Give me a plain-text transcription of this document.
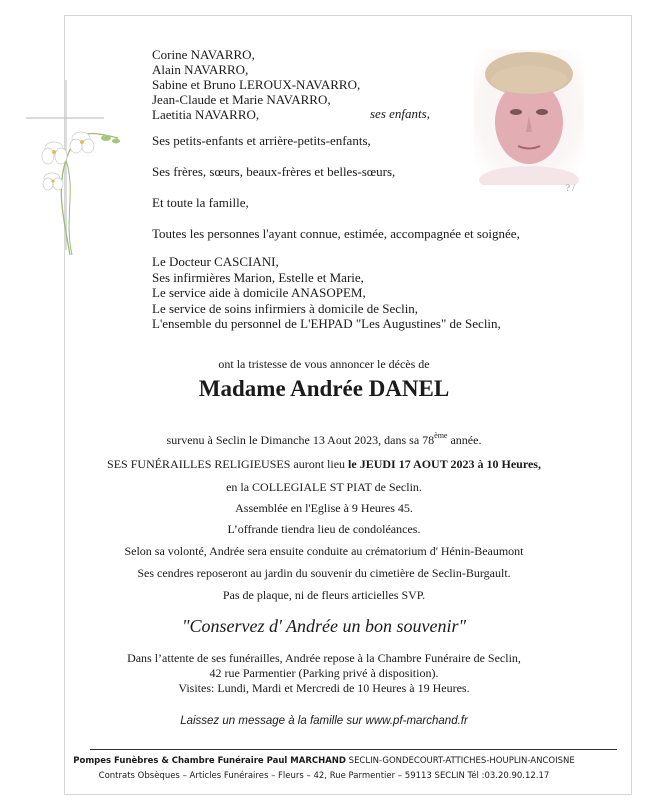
? /
Corine NAVARRO,
Alain NAVARRO,
Sabine et Bruno LEROUX-NAVARRO,
Jean-Claude et Marie NAVARRO,
Laetitia NAVARRO,	ses enfants,
Ses petits-enfants et arrière-petits-enfants,
Ses frères, sœurs, beaux-frères et belles-sœurs,
Et toute la famille,
Toutes les personnes l'ayant connue, estimée, accompagnée et soignée,
Le Docteur CASCIANI,
Ses infirmières Marion, Estelle et Marie,
Le service aide à domicile ANASOPEM,
Le service de soins infirmiers à domicile de Seclin,
L'ensemble du personnel de L'EHPAD "Les Augustines" de Seclin,
ont la tristesse de vous annoncer le décès de
Madame Andrée DANEL
survenu à Seclin le Dimanche 13 Aout 2023, dans sa 78ème année.
SES FUNÉRAILLES RELIGIEUSES auront lieu le JEUDI 17 AOUT 2023 à 10 Heures,
en la COLLEGIALE ST PIAT de Seclin.
Assemblée en l'Eglise à 9 Heures 45.
L’offrande tiendra lieu de condoléances.
Selon sa volonté, Andrée sera ensuite conduite au crématorium d' Hénin-Beaumont
Ses cendres reposeront au jardin du souvenir du cimetière de Seclin-Burgault.
Pas de plaque, ni de fleurs articielles SVP.
"Conservez d' Andrée un bon souvenir"
Dans l’attente de ses funérailles, Andrée repose à la Chambre Funéraire de Seclin,
42 rue Parmentier (Parking privé à disposition).
Visites: Lundi, Mardi et Mercredi de 10 Heures à 19 Heures.
Laissez un message à la famille sur www.pf-marchand.fr
Pompes Funèbres & Chambre Funéraire Paul MARCHAND SECLIN-GONDECOURT-ATTICHES-HOUPLIN-ANCOISNE
Contrats Obsèques – Articles Funéraires – Fleurs – 42, Rue Parmentier – 59113 SECLIN Tél :03.20.90.12.17
